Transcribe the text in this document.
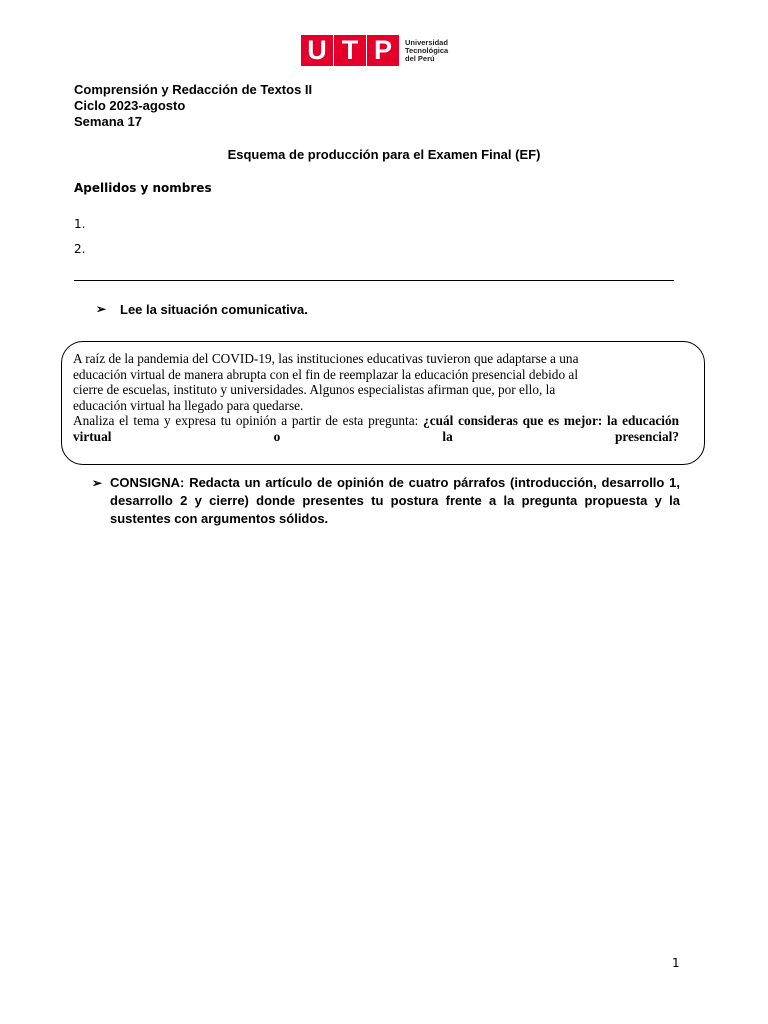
U T P	Universidad
Tecnológica
del Perú
Comprensión y Redacción de Textos II
Ciclo 2023-agosto
Semana 17
Esquema de producción para el Examen Final (EF)
Apellidos y nombres
1.
2.
➢	Lee la situación comunicativa.

A raíz de la pandemia del COVID-19, las instituciones educativas tuvieron que adaptarse a una

educación virtual de manera abrupta con el fin de reemplazar la educación presencial debido al

cierre de escuelas, instituto y universidades. Algunos especialistas afirman que, por ello, la

educación virtual ha llegado para quedarse.

Analiza el tema y expresa tu opinión a partir de esta pregunta: ¿cuál consideras que es mejor: la educación virtual o la presencial?

➢ CONSIGNA: Redacta un artículo de opinión de cuatro párrafos (introducción, desarrollo 1, desarrollo 2 y cierre) donde presentes tu postura frente a la pregunta propuesta y la sustentes con argumentos sólidos.
1
